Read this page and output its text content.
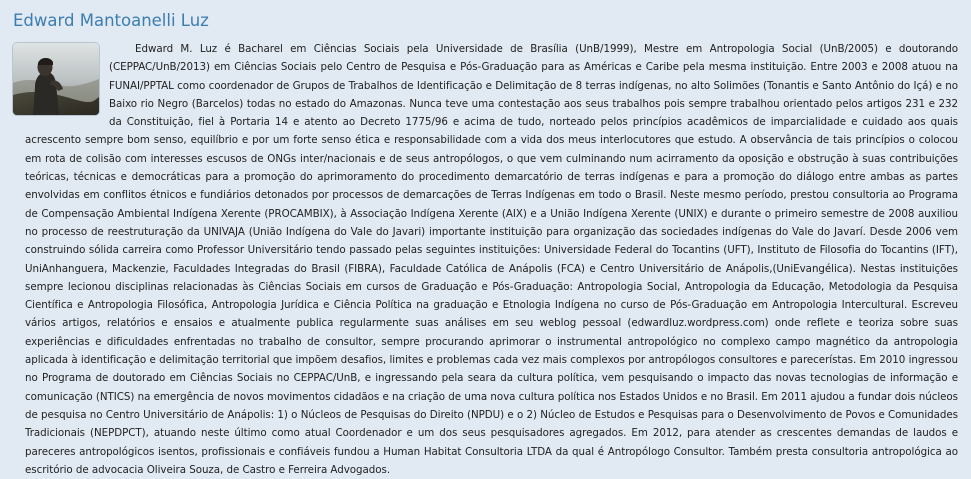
Edward Mantoanelli Luz

Edward M. Luz é Bacharel em Ciências Sociais pela Universidade de Brasília (UnB/1999), Mestre em Antropologia Social (UnB/2005) e doutorando (CEPPAC/UnB/2013) em Ciências Sociais pelo Centro de Pesquisa e Pós-Graduação para as Américas e Caribe pela mesma instituição. Entre 2003 e 2008 atuou na FUNAI/PPTAL como coordenador de Grupos de Trabalhos de Identificação e Delimitação de 8 terras indígenas, no alto Solimões (Tonantis e Santo Antônio do Içá) e no Baixo rio Negro (Barcelos) todas no estado do Amazonas. Nunca teve uma contestação aos seus trabalhos pois sempre trabalhou orientado pelos artigos 231 e 232 da Constituição, fiel à Portaria 14 e atento ao Decreto 1775/96 e acima de tudo, norteado pelos princípios acadêmicos de imparcialidade e cuidado aos quais acrescento sempre bom senso, equilíbrio e por um forte senso ética e responsabilidade com a vida dos meus interlocutores que estudo. A observância de tais princípios o colocou em rota de colisão com interesses escusos de ONGs inter/nacionais e de seus antropólogos, o que vem culminando num acirramento da oposição e obstrução à suas contribuições teóricas, técnicas e democráticas para a promoção do aprimoramento do procedimento demarcatório de terras indígenas e para a promoção do diálogo entre ambas as partes envolvidas em conflitos étnicos e fundiários detonados por processos de demarcações de Terras Indígenas em todo o Brasil. Neste mesmo período, prestou consultoria ao Programa de Compensação Ambiental Indígena Xerente (PROCAMBIX), à Associação Indígena Xerente (AIX) e a União Indígena Xerente (UNIX) e durante o primeiro semestre de 2008 auxiliou no processo de reestruturação da UNIVAJA (União Indígena do Vale do Javari) importante instituição para organização das sociedades indígenas do Vale do Javarí. Desde 2006 vem construindo sólida carreira como Professor Universitário tendo passado pelas seguintes instituições: Universidade Federal do Tocantins (UFT), Instituto de Filosofia do Tocantins (IFT), UniAnhanguera, Mackenzie, Faculdades Integradas do Brasil (FIBRA), Faculdade Católica de Anápolis (FCA) e Centro Universitário de Anápolis,(UniEvangélica). Nestas instituições sempre lecionou disciplinas relacionadas às Ciências Sociais em cursos de Graduação e Pós-Graduação: Antropologia Social, Antropologia da Educação, Metodologia da Pesquisa Científica e Antropologia Filosófica, Antropologia Jurídica e Ciência Política na graduação e Etnologia Indígena no curso de Pós-Graduação em Antropologia Intercultural. Escreveu vários artigos, relatórios e ensaios e atualmente publica regularmente suas análises em seu weblog pessoal (edwardluz.wordpress.com) onde reflete e teoriza sobre suas experiências e dificuldades enfrentadas no trabalho de consultor, sempre procurando aprimorar o instrumental antropológico no complexo campo magnético da antropologia aplicada à identificação e delimitação territorial que impõem desafios, limites e problemas cada vez mais complexos por antropólogos consultores e parecerístas. Em 2010 ingressou no Programa de doutorado em Ciências Sociais no CEPPAC/UnB, e ingressando pela seara da cultura política, vem pesquisando o impacto das novas tecnologias de informação e comunicação (NTICS) na emergência de novos movimentos cidadãos e na criação de uma nova cultura política nos Estados Unidos e no Brasil. Em 2011 ajudou a fundar dois núcleos de pesquisa no Centro Universitário de Anápolis: 1) o Núcleos de Pesquisas do Direito (NPDU) e o 2) Núcleo de Estudos e Pesquisas para o Desenvolvimento de Povos e Comunidades Tradicionais (NEPDPCT), atuando neste último como atual Coordenador e um dos seus pesquisadores agregados. Em 2012, para atender as crescentes demandas de laudos e pareceres antropológicos isentos, profissionais e confiáveis fundou a Human Habitat Consultoria LTDA da qual é Antropólogo Consultor. Também presta consultoria antropológica ao escritório de advocacia Oliveira Souza, de Castro e Ferreira Advogados.
